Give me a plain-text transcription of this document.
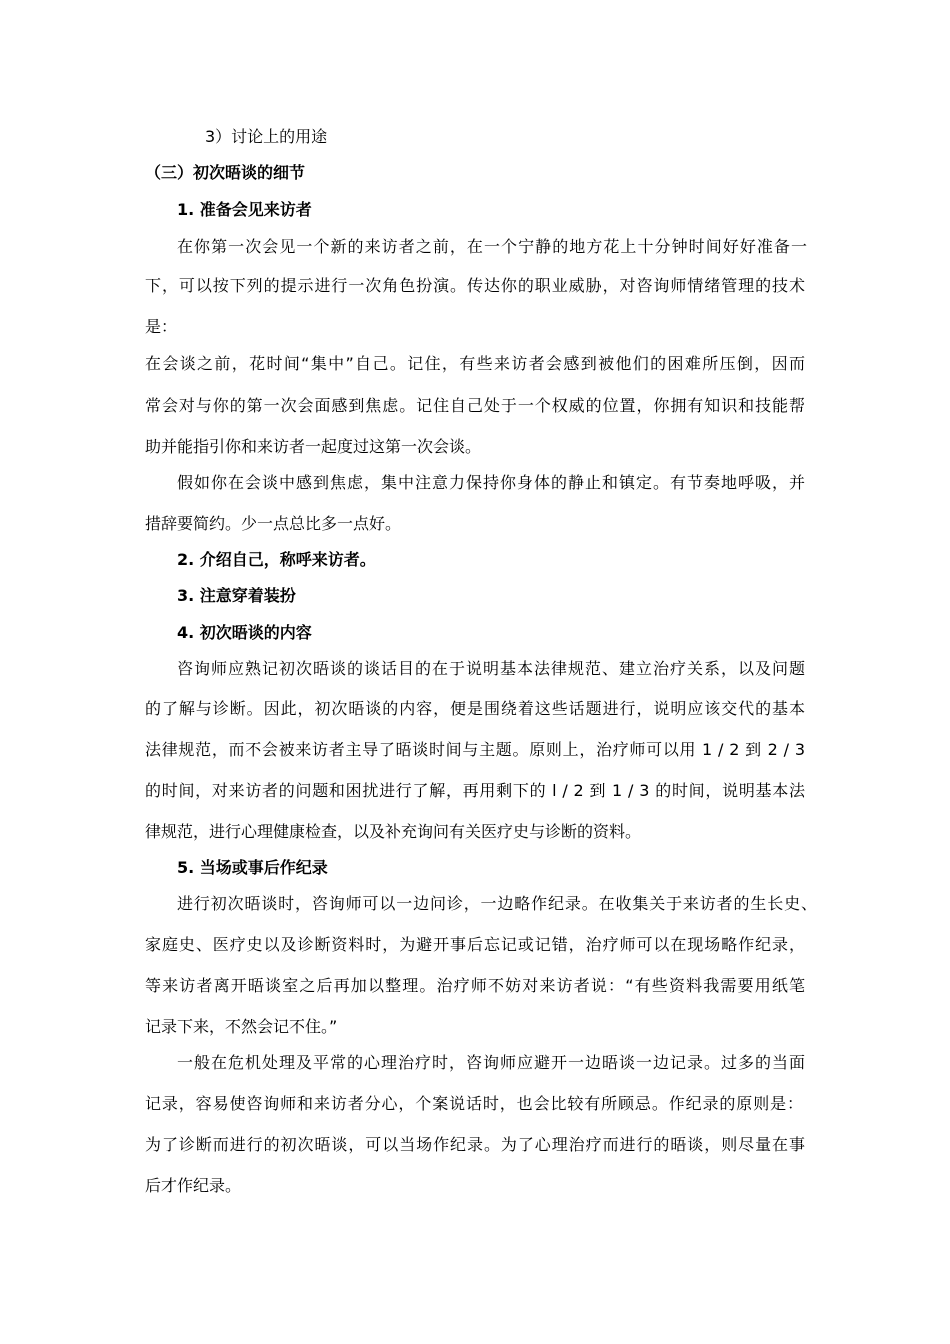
3）讨论上的用途

（三）初次晤谈的细节

1. 准备会见来访者

在你第一次会见一个新的来访者之前，在一个宁静的地方花上十分钟时间好好准备一

下，可以按下列的提示进行一次角色扮演。传达你的职业威胁，对咨询师情绪管理的技术

是：

在会谈之前，花时间“集中”自己。记住，有些来访者会感到被他们的困难所压倒，因而

常会对与你的第一次会面感到焦虑。记住自己处于一个权威的位置，你拥有知识和技能帮

助并能指引你和来访者一起度过这第一次会谈。

假如你在会谈中感到焦虑，集中注意力保持你身体的静止和镇定。有节奏地呼吸，并

措辞要简约。少一点总比多一点好。

2. 介绍自己，称呼来访者。

3. 注意穿着装扮

4. 初次晤谈的内容

咨询师应熟记初次晤谈的谈话目的在于说明基本法律规范、建立治疗关系，以及问题

的了解与诊断。因此，初次晤谈的内容，便是围绕着这些话题进行，说明应该交代的基本

法律规范，而不会被来访者主导了晤谈时间与主题。原则上，治疗师可以用 1 / 2 到 2 / 3

的时间，对来访者的问题和困扰进行了解，再用剩下的 l / 2 到 1 / 3 的时间，说明基本法

律规范，进行心理健康检查，以及补充询问有关医疗史与诊断的资料。

5. 当场或事后作纪录

进行初次晤谈时，咨询师可以一边问诊，一边略作纪录。在收集关于来访者的生长史、

家庭史、医疗史以及诊断资料时，为避开事后忘记或记错，治疗师可以在现场略作纪录，

等来访者离开晤谈室之后再加以整理。治疗师不妨对来访者说：“有些资料我需要用纸笔

记录下来，不然会记不住。”

一般在危机处理及平常的心理治疗时，咨询师应避开一边晤谈一边记录。过多的当面

记录，容易使咨询师和来访者分心，个案说话时，也会比较有所顾忌。作纪录的原则是：

为了诊断而进行的初次晤谈，可以当场作纪录。为了心理治疗而进行的晤谈，则尽量在事

后才作纪录。
